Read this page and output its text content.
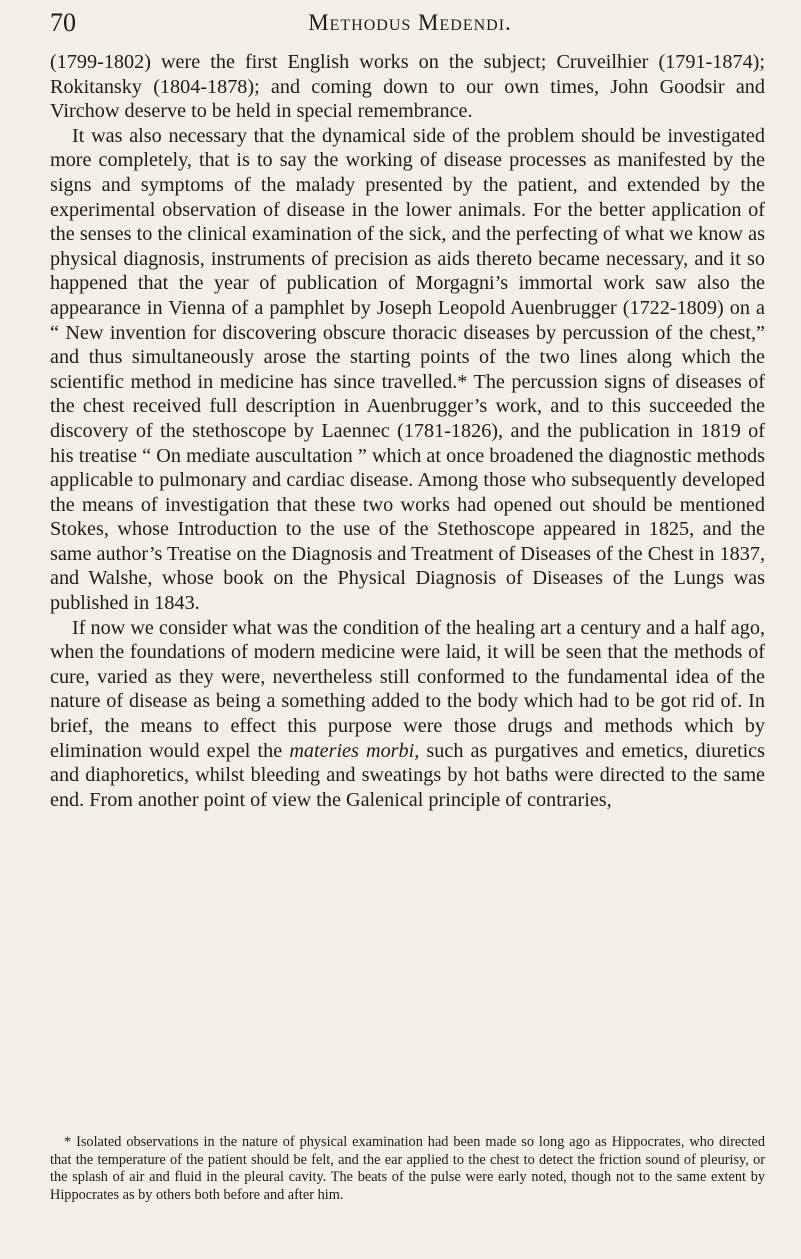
70	Methodus Medendi.

(1799-1802) were the first English works on the subject; Cruveilhier (1791-1874); Rokitansky (1804-1878); and coming down to our own times, John Goodsir and Virchow deserve to be held in special remembrance.

It was also necessary that the dynamical side of the problem should be investigated more completely, that is to say the working of disease processes as manifested by the signs and symptoms of the malady presented by the patient, and extended by the experimental observation of disease in the lower animals. For the better application of the senses to the clinical examination of the sick, and the perfecting of what we know as physical diagnosis, instruments of precision as aids thereto became necessary, and it so happened that the year of publication of Morgagni’s immortal work saw also the appearance in Vienna of a pamphlet by Joseph Leopold Auenbrugger (1722-1809) on a “ New invention for discovering obscure thoracic diseases by percussion of the chest,” and thus simultaneously arose the starting points of the two lines along which the scientific method in medicine has since travelled.* The percussion signs of diseases of the chest received full description in Auenbrugger’s work, and to this succeeded the discovery of the stethoscope by Laennec (1781-1826), and the publication in 1819 of his treatise “ On mediate auscultation ” which at once broadened the diagnostic methods applicable to pulmonary and cardiac disease. Among those who subsequently developed the means of investigation that these two works had opened out should be mentioned Stokes, whose Introduction to the use of the Stethoscope appeared in 1825, and the same author’s Treatise on the Diagnosis and Treatment of Diseases of the Chest in 1837, and Walshe, whose book on the Physical Diagnosis of Diseases of the Lungs was published in 1843.

If now we consider what was the condition of the healing art a century and a half ago, when the foundations of modern medicine were laid, it will be seen that the methods of cure, varied as they were, nevertheless still conformed to the fundamental idea of the nature of disease as being a something added to the body which had to be got rid of. In brief, the means to effect this purpose were those drugs and methods which by elimination would expel the materies morbi, such as purgatives and emetics, diuretics and diaphoretics, whilst bleeding and sweatings by hot baths were directed to the same end. From another point of view the Galenical principle of contraries,

* Isolated observations in the nature of physical examination had been made so long ago as Hippocrates, who directed that the temperature of the patient should be felt, and the ear applied to the chest to detect the friction sound of pleurisy, or the splash of air and fluid in the pleural cavity. The beats of the pulse were early noted, though not to the same extent by Hippocrates as by others both before and after him.
